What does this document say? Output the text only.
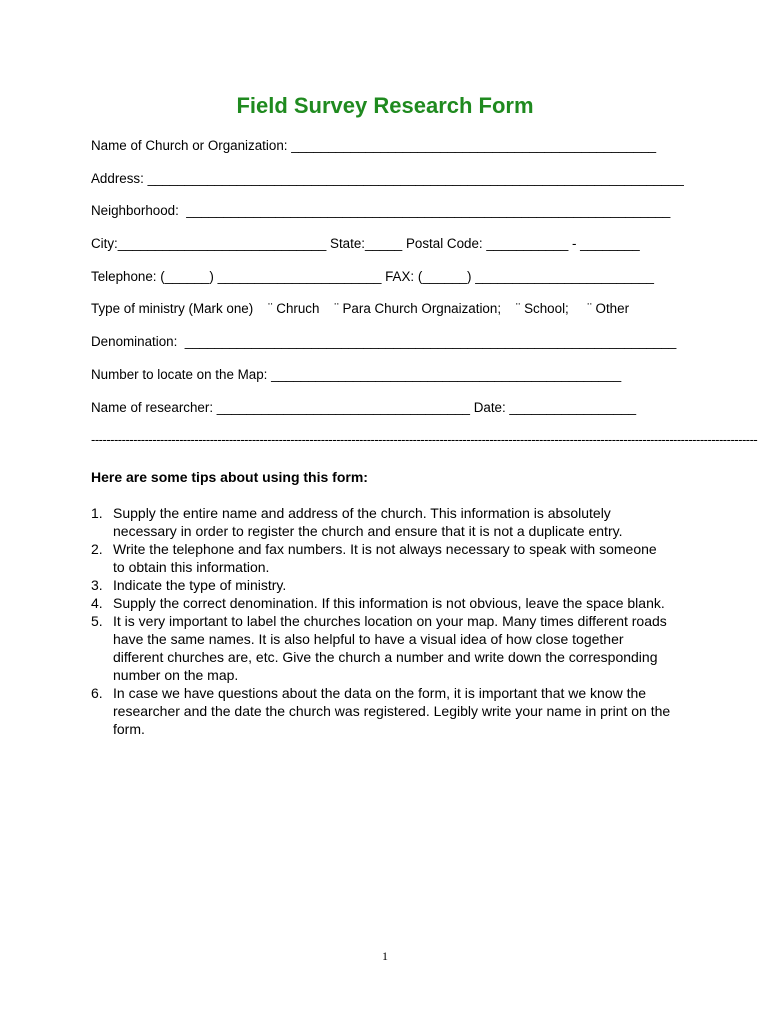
Field Survey Research Form
Name of Church or Organization: _________________________________________________
Address: ________________________________________________________________________
Neighborhood:  _________________________________________________________________
City:____________________________ State:_____ Postal Code: ___________ - ________
Telephone: (______) ______________________ FAX: (______) ________________________
Type of ministry (Mark one)    ¨ Chruch    ¨ Para Church Orgnaization;    ¨ School;     ¨ Other
Denomination:  __________________________________________________________________
Number to locate on the Map: _______________________________________________
Name of researcher: __________________________________ Date: _________________
------------------------------------------------------------------------------------------------------------------------------------------------------------------------------
Here are some tips about using this form:
1. Supply the entire name and address of the church. This information is absolutely necessary in order to register the church and ensure that it is not a duplicate entry.
2. Write the telephone and fax numbers. It is not always necessary to speak with someone to obtain this information.
3. Indicate the type of ministry.
4. Supply the correct denomination. If this information is not obvious, leave the space blank.
5. It is very important to label the churches location on your map. Many times different roads have the same names. It is also helpful to have a visual idea of how close together different churches are, etc. Give the church a number and write down the corresponding number on the map.
6. In case we have questions about the data on the form, it is important that we know the researcher and the date the church was registered. Legibly write your name in print on the form.
1
